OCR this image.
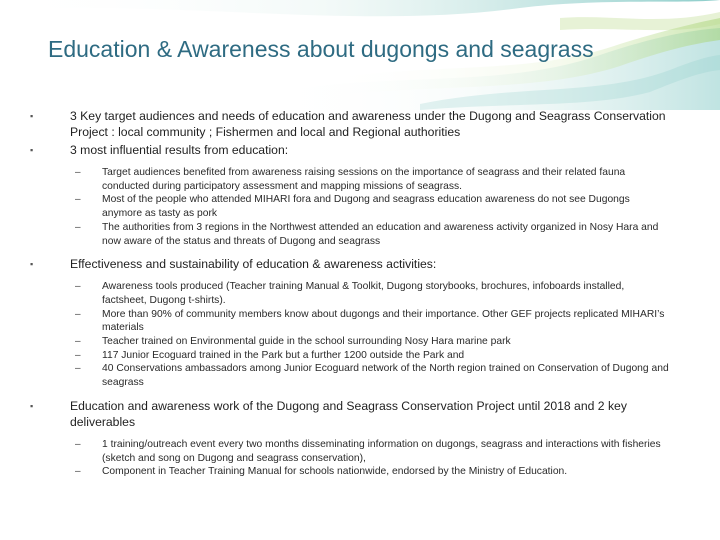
Education & Awareness about dugongs and seagrass
▪	3 Key target audiences and needs of education and awareness under the Dugong and Seagrass Conservation Project : local community ; Fishermen and local and Regional authorities
▪	3 most influential results from education:
– Target audiences benefited from awareness raising sessions on the importance of seagrass and their related fauna conducted during participatory assessment and mapping missions of seagrass.
– Most of the people who attended MIHARI fora and Dugong and seagrass education awareness do not see Dugongs anymore as tasty as pork
– The authorities from 3 regions in the Northwest attended an education and awareness activity organized in Nosy Hara and now aware of the status and threats of Dugong and seagrass
▪	Effectiveness and sustainability of education & awareness activities:
– Awareness tools produced (Teacher training Manual & Toolkit, Dugong storybooks, brochures, infoboards installed, factsheet, Dugong t-shirts).
– More than 90% of community members know about dugongs and their importance. Other GEF projects replicated MIHARI’s materials
– Teacher trained on Environmental guide in the school surrounding Nosy Hara marine park
– 117 Junior Ecoguard trained in the Park but a further 1200 outside the Park and
– 40 Conservations ambassadors among Junior Ecoguard network of the North region trained on Conservation of Dugong and seagrass
▪	Education and awareness work of the Dugong and Seagrass Conservation Project until 2018 and 2 key deliverables
– 1 training/outreach event every two months disseminating information on dugongs, seagrass and interactions with fisheries (sketch and song on Dugong and seagrass conservation),
– Component in Teacher Training Manual for schools nationwide, endorsed by the Ministry of Education.
